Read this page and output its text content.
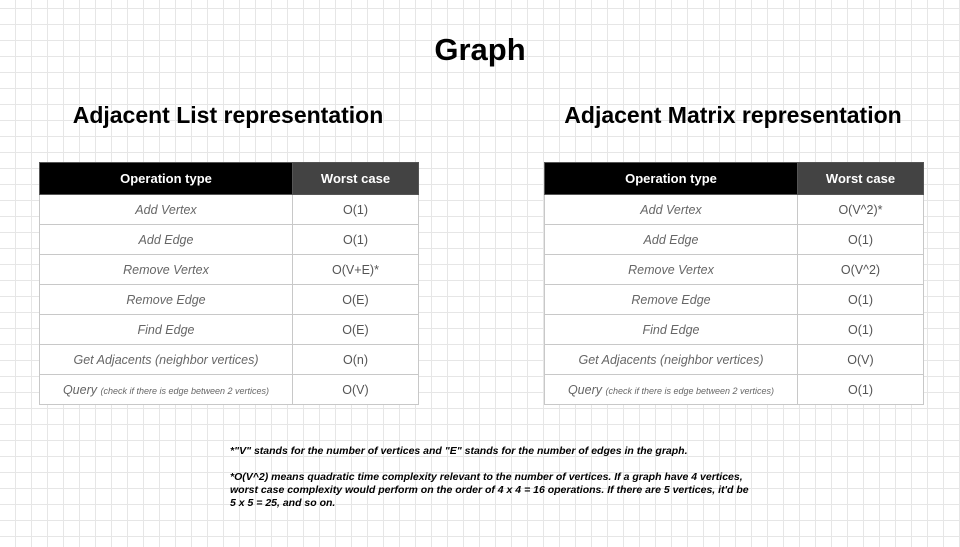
Graph
Adjacent List representation	Adjacent Matrix representation
Operation type	Worst case
Add Vertex	O(1)
Add Edge	O(1)
Remove Vertex	O(V+E)*
Remove Edge	O(E)
Find Edge	O(E)
Get Adjacents (neighbor vertices)	O(n)
Query (check if there is edge between 2 vertices)	O(V)
Operation type	Worst case
Add Vertex	O(V^2)*
Add Edge	O(1)
Remove Vertex	O(V^2)
Remove Edge	O(1)
Find Edge	O(1)
Get Adjacents (neighbor vertices)	O(V)
Query (check if there is edge between 2 vertices)	O(1)

*"V" stands for the number of vertices and "E" stands for the number of edges in the graph.

*O(V^2) means quadratic time complexity relevant to the number of vertices. If a graph have 4 vertices, worst case complexity would perform on the order of 4 x 4 = 16 operations. If there are 5 vertices, it'd be 5 x 5 = 25, and so on.
